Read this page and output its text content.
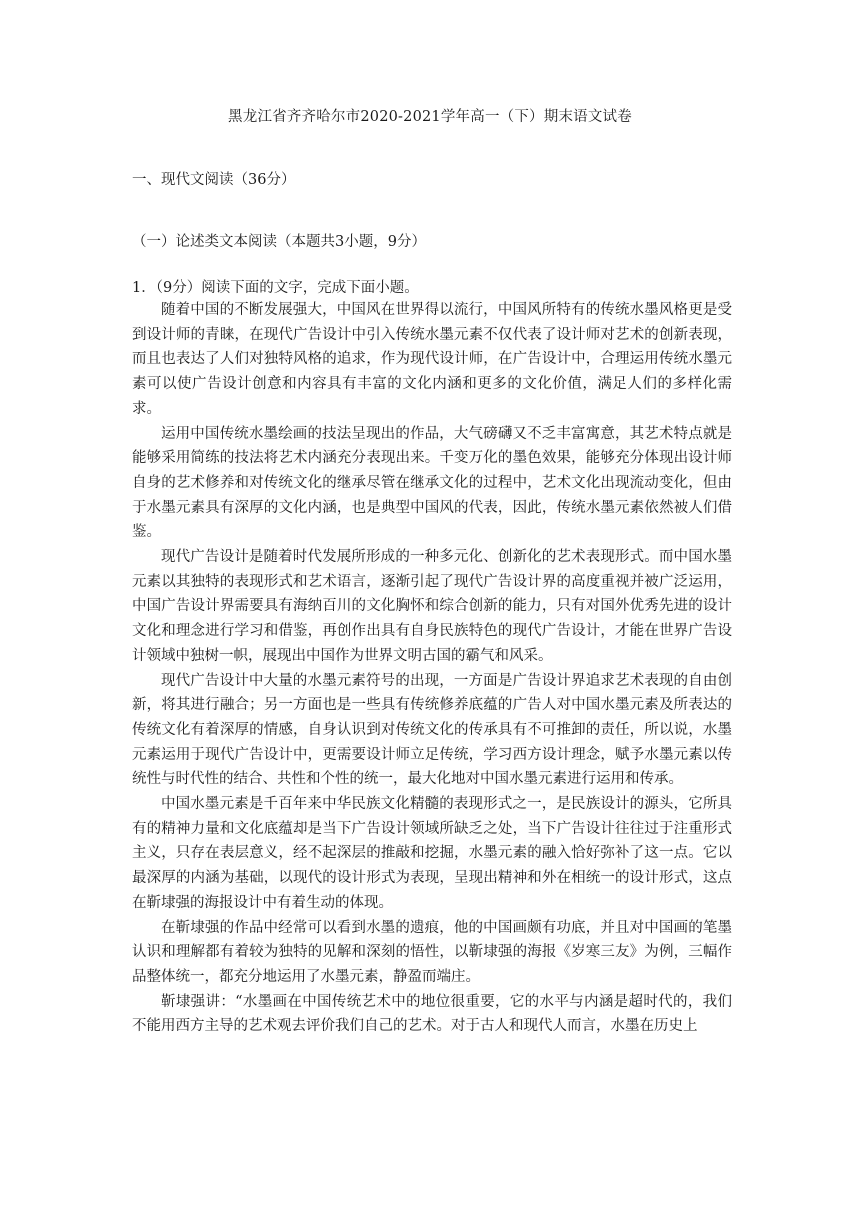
黑龙江省齐齐哈尔市2020-2021学年高一（下）期末语文试卷
一、现代文阅读（36分）
（一）论述类文本阅读（本题共3小题，9分）
1．（9分）阅读下面的文字，完成下面小题。

随着中国的不断发展强大，中国风在世界得以流行，中国风所特有的传统水墨风格更是受到设计师的青睐，在现代广告设计中引入传统水墨元素不仅代表了设计师对艺术的创新表现，而且也表达了人们对独特风格的追求，作为现代设计师，在广告设计中，合理运用传统水墨元素可以使广告设计创意和内容具有丰富的文化内涵和更多的文化价值，满足人们的多样化需求。

运用中国传统水墨绘画的技法呈现出的作品，大气磅礴又不乏丰富寓意，其艺术特点就是能够采用简练的技法将艺术内涵充分表现出来。千变万化的墨色效果，能够充分体现出设计师自身的艺术修养和对传统文化的继承尽管在继承文化的过程中，艺术文化出现流动变化，但由于水墨元素具有深厚的文化内涵，也是典型中国风的代表，因此，传统水墨元素依然被人们借鉴。

现代广告设计是随着时代发展所形成的一种多元化、创新化的艺术表现形式。而中国水墨元素以其独特的表现形式和艺术语言，逐渐引起了现代广告设计界的高度重视并被广泛运用，中国广告设计界需要具有海纳百川的文化胸怀和综合创新的能力，只有对国外优秀先进的设计文化和理念进行学习和借鉴，再创作出具有自身民族特色的现代广告设计，才能在世界广告设计领域中独树一帜，展现出中国作为世界文明古国的霸气和风采。

现代广告设计中大量的水墨元素符号的出现，一方面是广告设计界追求艺术表现的自由创新，将其进行融合；另一方面也是一些具有传统修养底蕴的广告人对中国水墨元素及所表达的传统文化有着深厚的情感，自身认识到对传统文化的传承具有不可推卸的责任，所以说，水墨元素运用于现代广告设计中，更需要设计师立足传统，学习西方设计理念，赋予水墨元素以传统性与时代性的结合、共性和个性的统一，最大化地对中国水墨元素进行运用和传承。

中国水墨元素是千百年来中华民族文化精髓的表现形式之一，是民族设计的源头，它所具有的精神力量和文化底蕴却是当下广告设计领域所缺乏之处，当下广告设计往往过于注重形式主义，只存在表层意义，经不起深层的推敲和挖掘，水墨元素的融入恰好弥补了这一点。它以最深厚的内涵为基础，以现代的设计形式为表现，呈现出精神和外在相统一的设计形式，这点在靳埭强的海报设计中有着生动的体现。

在靳埭强的作品中经常可以看到水墨的遗痕，他的中国画颇有功底，并且对中国画的笔墨认识和理解都有着较为独特的见解和深刻的悟性，以靳埭强的海报《岁寒三友》为例，三幅作品整体统一，都充分地运用了水墨元素，静盈而端庄。

靳埭强讲：“水墨画在中国传统艺术中的地位很重要，它的水平与内涵是超时代的，我们不能用西方主导的艺术观去评价我们自己的艺术。对于古人和现代人而言，水墨在历史上
